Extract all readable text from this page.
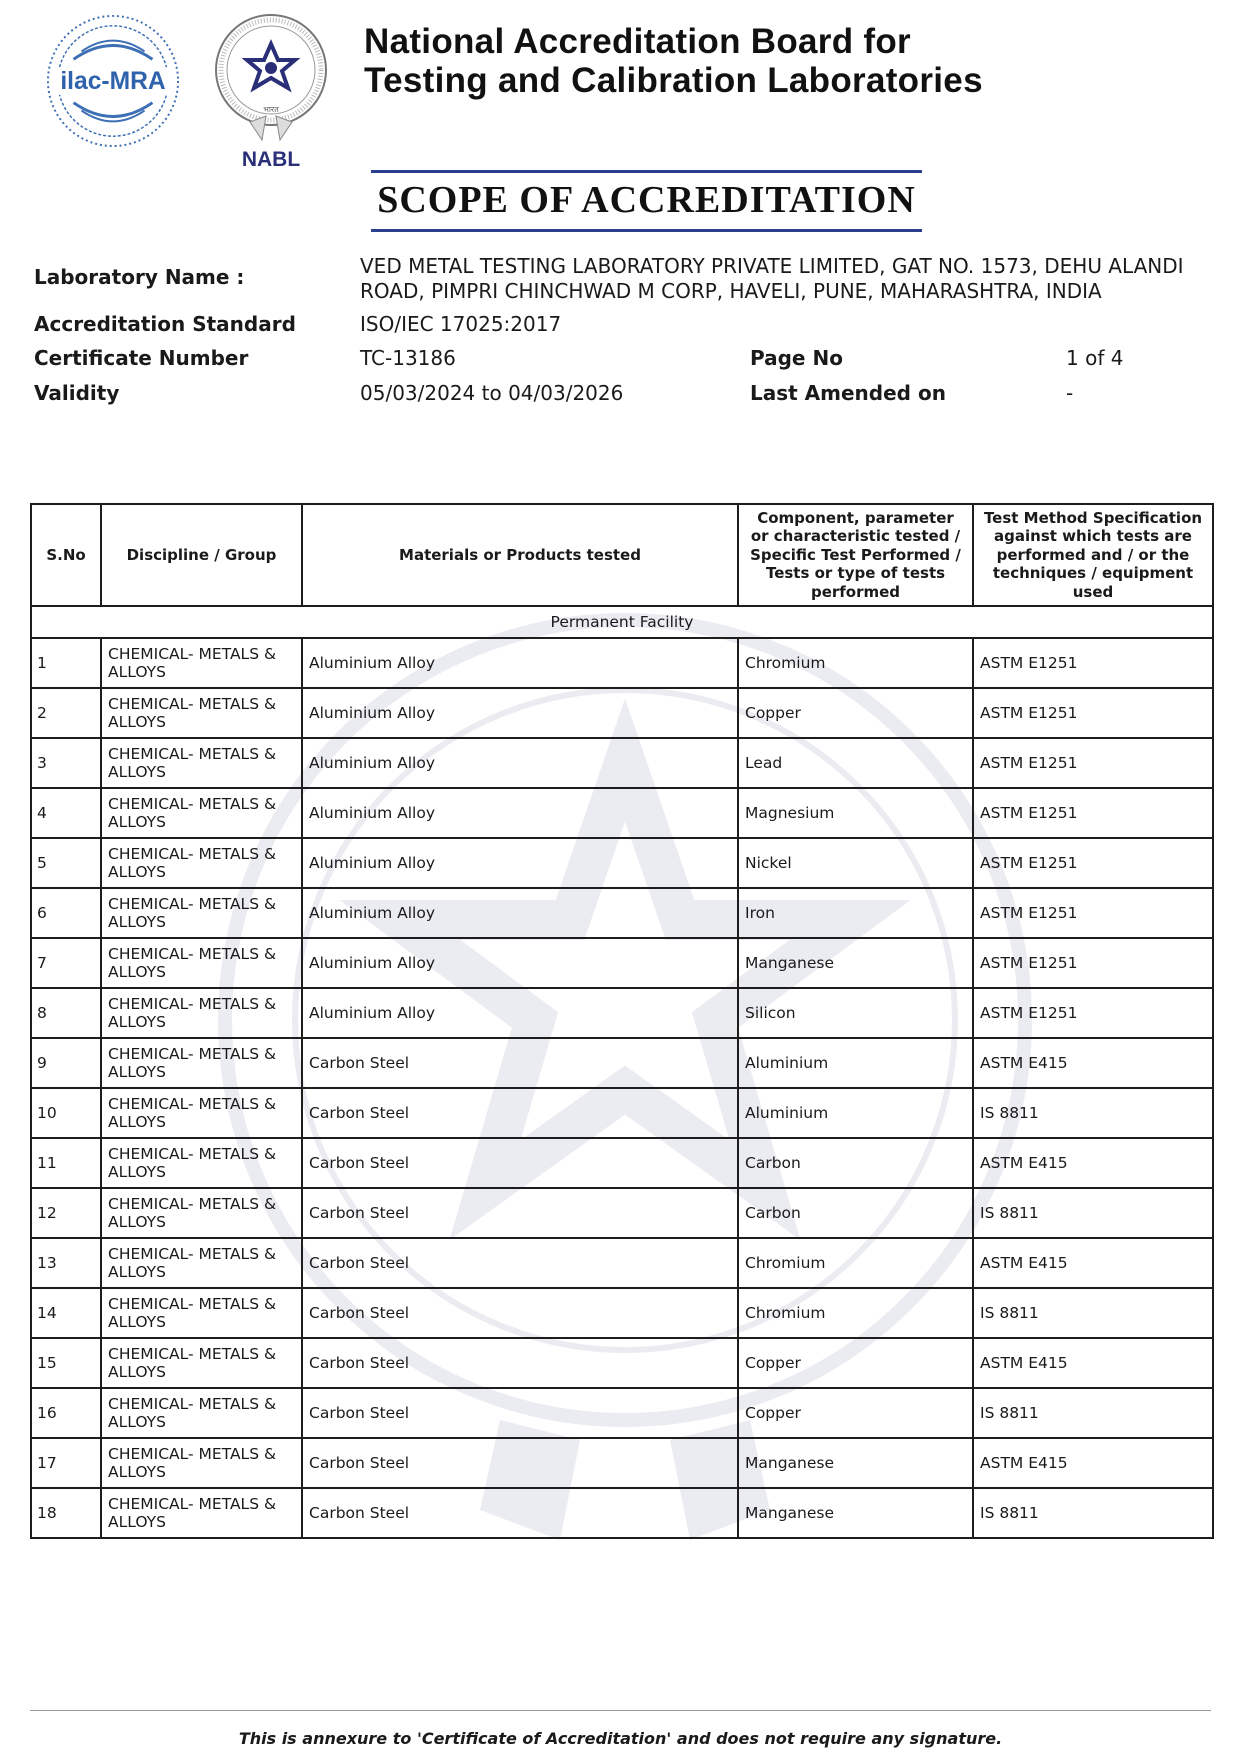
ilac-MRA
भारत
NABL
National Accreditation Board for
Testing and Calibration Laboratories
SCOPE OF ACCREDITATION
Laboratory Name :	VED METAL TESTING LABORATORY PRIVATE LIMITED, GAT NO. 1573, DEHU ALANDI
ROAD, PIMPRI CHINCHWAD M CORP, HAVELI, PUNE, MAHARASHTRA, INDIA
Accreditation Standard	ISO/IEC 17025:2017
Certificate Number	TC-13186	Page No	1 of 4
Validity	05/03/2024 to 04/03/2026	Last Amended on	-
S.No	Discipline / Group	Materials or Products tested	Component, parameter or characteristic tested / Specific Test Performed / Tests or type of tests performed	Test Method Specification against which tests are performed and / or the techniques / equipment used
Permanent Facility				
1	CHEMICAL- METALS & ALLOYS	Aluminium Alloy	Chromium	ASTM E1251
2	CHEMICAL- METALS & ALLOYS	Aluminium Alloy	Copper	ASTM E1251
3	CHEMICAL- METALS & ALLOYS	Aluminium Alloy	Lead	ASTM E1251
4	CHEMICAL- METALS & ALLOYS	Aluminium Alloy	Magnesium	ASTM E1251
5	CHEMICAL- METALS & ALLOYS	Aluminium Alloy	Nickel	ASTM E1251
6	CHEMICAL- METALS & ALLOYS	Aluminium Alloy	Iron	ASTM E1251
7	CHEMICAL- METALS & ALLOYS	Aluminium Alloy	Manganese	ASTM E1251
8	CHEMICAL- METALS & ALLOYS	Aluminium Alloy	Silicon	ASTM E1251
9	CHEMICAL- METALS & ALLOYS	Carbon Steel	Aluminium	ASTM E415
10	CHEMICAL- METALS & ALLOYS	Carbon Steel	Aluminium	IS 8811
11	CHEMICAL- METALS & ALLOYS	Carbon Steel	Carbon	ASTM E415
12	CHEMICAL- METALS & ALLOYS	Carbon Steel	Carbon	IS 8811
13	CHEMICAL- METALS & ALLOYS	Carbon Steel	Chromium	ASTM E415
14	CHEMICAL- METALS & ALLOYS	Carbon Steel	Chromium	IS 8811
15	CHEMICAL- METALS & ALLOYS	Carbon Steel	Copper	ASTM E415
16	CHEMICAL- METALS & ALLOYS	Carbon Steel	Copper	IS 8811
17	CHEMICAL- METALS & ALLOYS	Carbon Steel	Manganese	ASTM E415
18	CHEMICAL- METALS & ALLOYS	Carbon Steel	Manganese	IS 8811
This is annexure to 'Certificate of Accreditation' and does not require any signature.
